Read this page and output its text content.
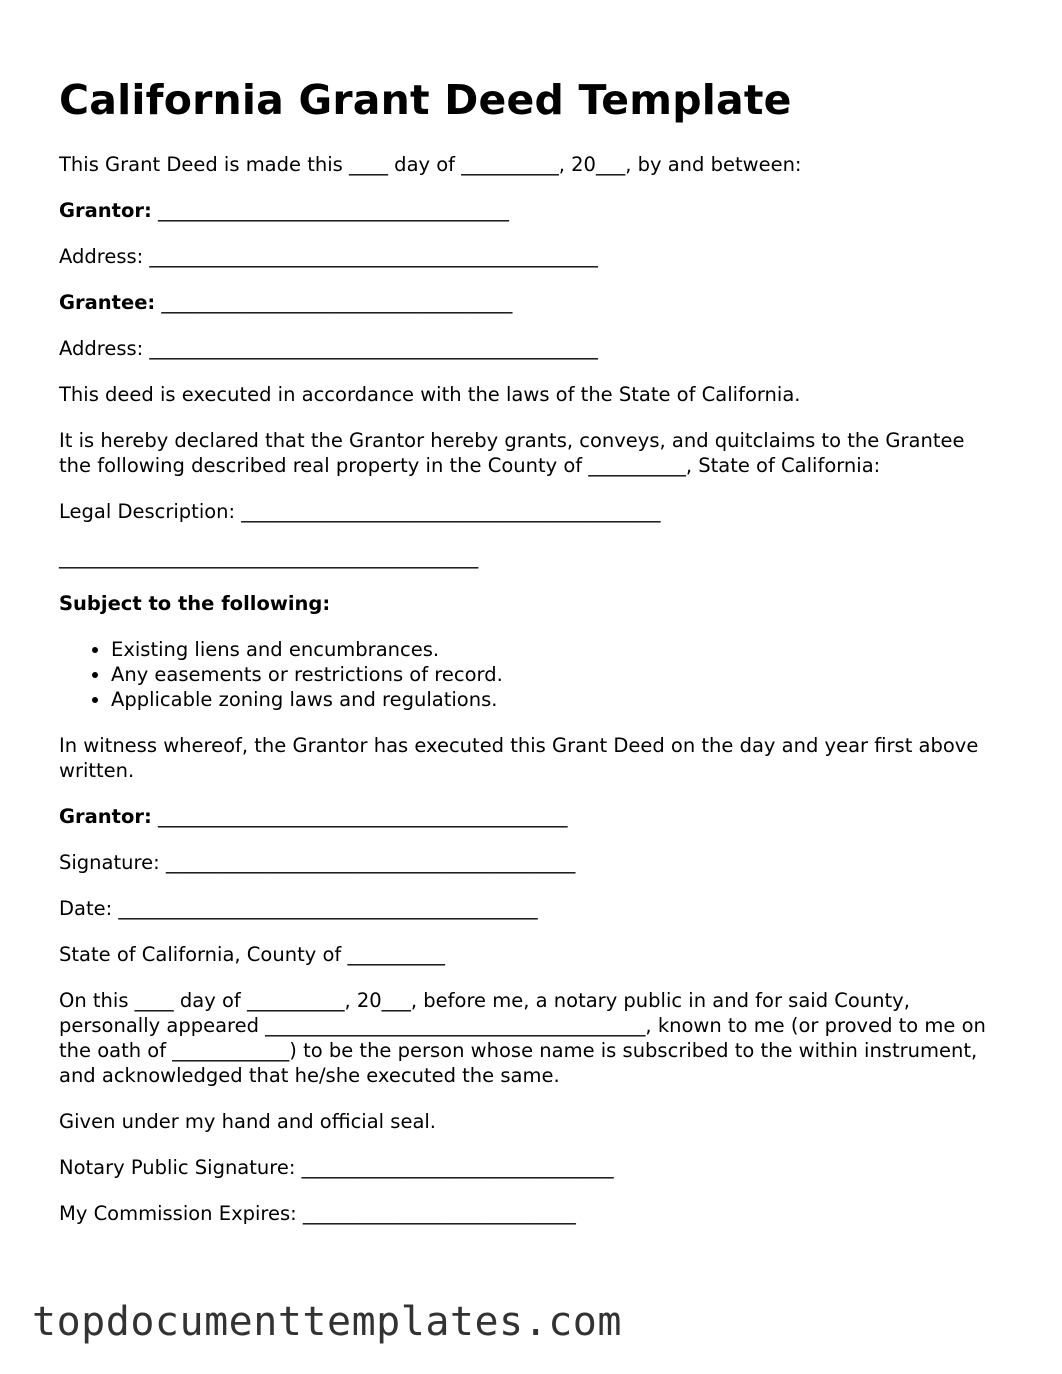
California Grant Deed Template

This Grant Deed is made this ____ day of __________, 20___, by and between:

Grantor: ____________________________________

Address: ______________________________________________

Grantee: ____________________________________

Address: ______________________________________________

This deed is executed in accordance with the laws of the State of California.

It is hereby declared that the Grantor hereby grants, conveys, and quitclaims to the Grantee the following described real property in the County of __________, State of California:

Legal Description: ___________________________________________

___________________________________________

Subject to the following:

• Existing liens and encumbrances.
• Any easements or restrictions of record.
• Applicable zoning laws and regulations.

In witness whereof, the Grantor has executed this Grant Deed on the day and year first above written.

Grantor: __________________________________________

Signature: __________________________________________

Date: ___________________________________________

State of California, County of __________

On this ____ day of __________, 20___, before me, a notary public in and for said County, personally appeared _______________________________________, known to me (or proved to me on the oath of ____________) to be the person whose name is subscribed to the within instrument, and acknowledged that he/she executed the same.

Given under my hand and official seal.

Notary Public Signature: ________________________________

My Commission Expires: ____________________________

topdocumenttemplates.com
